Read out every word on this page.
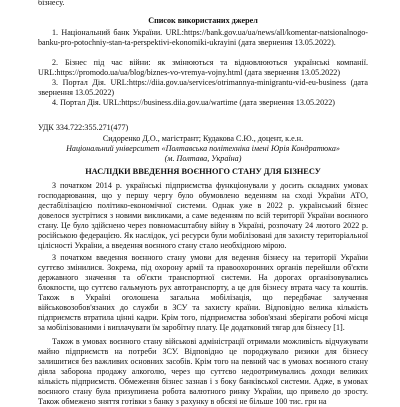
бізнесу.
Список використаних джерел
1. Національний банк України. URL:https://bank.gov.ua/ua/news/all/komentar-natsionalnogo-banku-pro-potochniy-stan-ta-perspektivi-ekonomiki-ukrayini (дата звернення 13.05.2022).
2. Бізнес під час війни: як змінюються та відновлюються українські компанії. URL:https://promodo.ua/ua/blog/biznes-vo-vremya-vojny.html (дата звернення 13.05.2022)
3. Портал Дія. URL:https://diia.gov.ua/services/otrimannya-minigrantu-vid-eu-business (дата звернення 13.05.2022)
4. Портал Дія. URL:https://business.diia.gov.ua/wartime (дата звернення 13.05.2022)
УДК 334.722:355.271(477)
Сидоренко Д.О., магістрант; Кудакова С.Ю., доцент, к.е.н.
Національний університет «Полтавська політехніка імені Юрія Кондратюка»
(м. Полтава, Україна)
НАСЛІДКИ ВВЕДЕННЯ ВОЄННОГО СТАНУ ДЛЯ БІЗНЕСУ
З початком 2014 р. українські підприємства функціонували у досить складних умовах господарювання, що у першу чергу було обумовлено веденням на сході України АТО, дестабілізацією політико-економічної системи. Однак уже в 2022 р. український бізнес довелося зустрітися з новими викликами, а саме веденням по всій території України воєнного стану. Це було здійснено через повномасштабну війну в Україні, розпочату 24 лютого 2022 р. російською федерацією. Як наслідок, усі ресурси були мобілізовані для захисту територіальної цілісності України, а введення воєнного стану стало необхідною мірою.
З початком введення воєнного стану умови для ведення бізнесу на території України суттєво змінилися. Зокрема, під охорону армії та правоохоронних органів перейшли об'єкти державного значення та об'єкти транспортної системи. На дорогах організовувались блокпости, що суттєво гальмують рух автотранспорту, а це для бізнесу втрата часу та коштів. Також в Україні оголошена загальна мобілізація, що передбачає залучення військовозобов'язаних до служби в ЗСУ та захисту країни. Відповідно велика кількість підприємств втратила цінні кадри. Крім того, підприємства зобов'язані зберігати робочі місця за мобілізованими і виплачувати їм заробітну плату. Це додатковий тягар для бізнесу [1].
Також в умовах воєнного стану військові адміністрації отримали можливість відчужувати майно підприємств на потреби ЗСУ. Відповідно це породжувало ризики для бізнесу залишитися без важливих основних засобів. Крім того на певний час в умовах воєнного стану діяла заборона продажу алкоголю, через що суттєво недоотримувались доходи великих кількість підприємств. Обмеження бізнес зазнав і з боку банківської системи. Адже, в умовах воєнного стану була призупинена робота валютного ринку України, що привело до зросту. Також обмежено зняття готівки з банку з рахунку в обсязі не більше 100 тис. грн на
